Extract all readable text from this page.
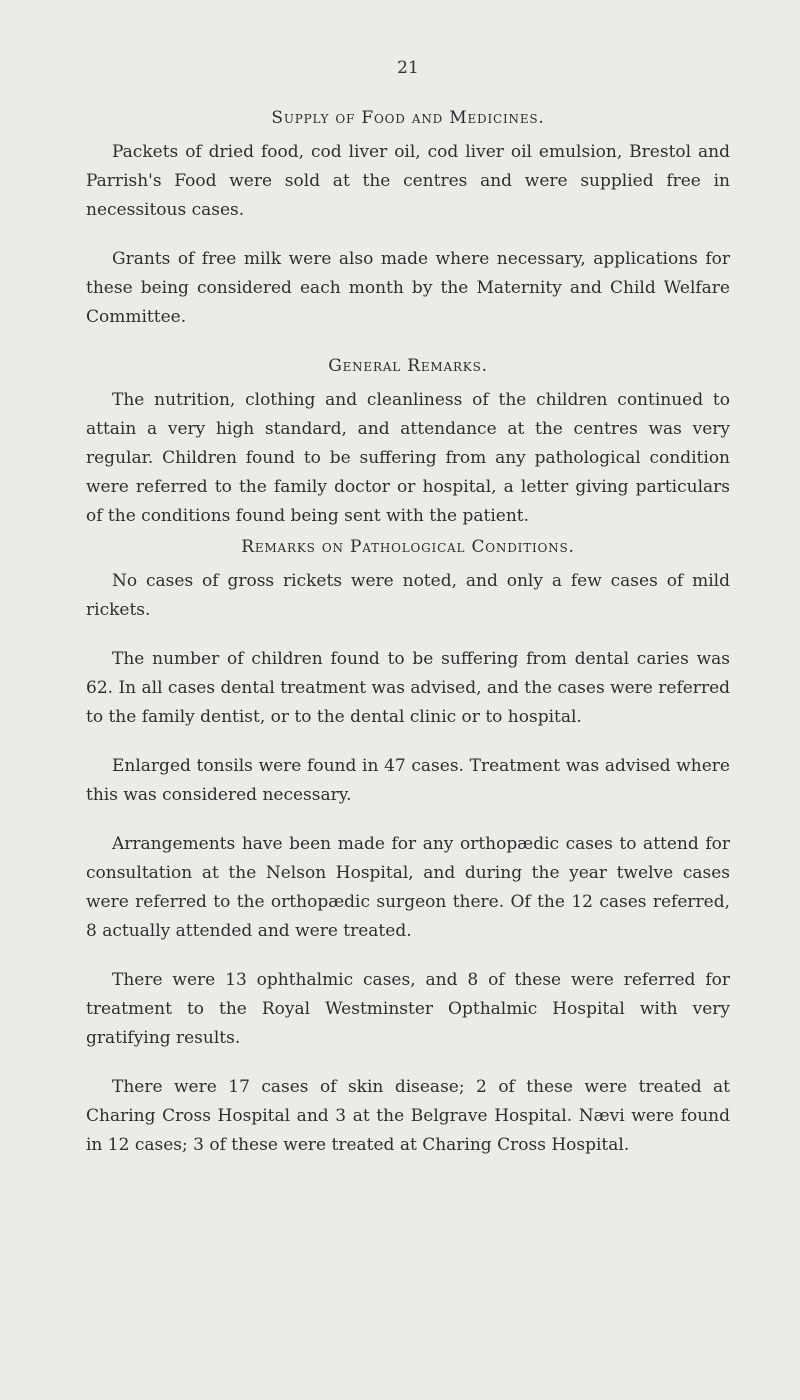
21
Supply of Food and Medicines.

Packets of dried food, cod liver oil, cod liver oil emulsion, Brestol and Parrish's Food were sold at the centres and were supplied free in necessitous cases.

Grants of free milk were also made where necessary, applications for these being considered each month by the Maternity and Child Welfare Committee.

General Remarks.

The nutrition, clothing and cleanliness of the children continued to attain a very high standard, and attendance at the centres was very regular. Children found to be suffering from any pathological condition were referred to the family doctor or hospital, a letter giving particulars of the conditions found being sent with the patient.

Remarks on Pathological Conditions.

No cases of gross rickets were noted, and only a few cases of mild rickets.

The number of children found to be suffering from dental caries was 62. In all cases dental treatment was advised, and the cases were referred to the family dentist, or to the dental clinic or to hospital.

Enlarged tonsils were found in 47 cases. Treatment was advised where this was considered necessary.

Arrangements have been made for any orthopædic cases to attend for consultation at the Nelson Hospital, and during the year twelve cases were referred to the orthopædic surgeon there. Of the 12 cases referred, 8 actually attended and were treated.

There were 13 ophthalmic cases, and 8 of these were referred for treatment to the Royal Westminster Opthalmic Hospital with very gratifying results.

There were 17 cases of skin disease; 2 of these were treated at Charing Cross Hospital and 3 at the Belgrave Hospital. Nævi were found in 12 cases; 3 of these were treated at Charing Cross Hospital.
